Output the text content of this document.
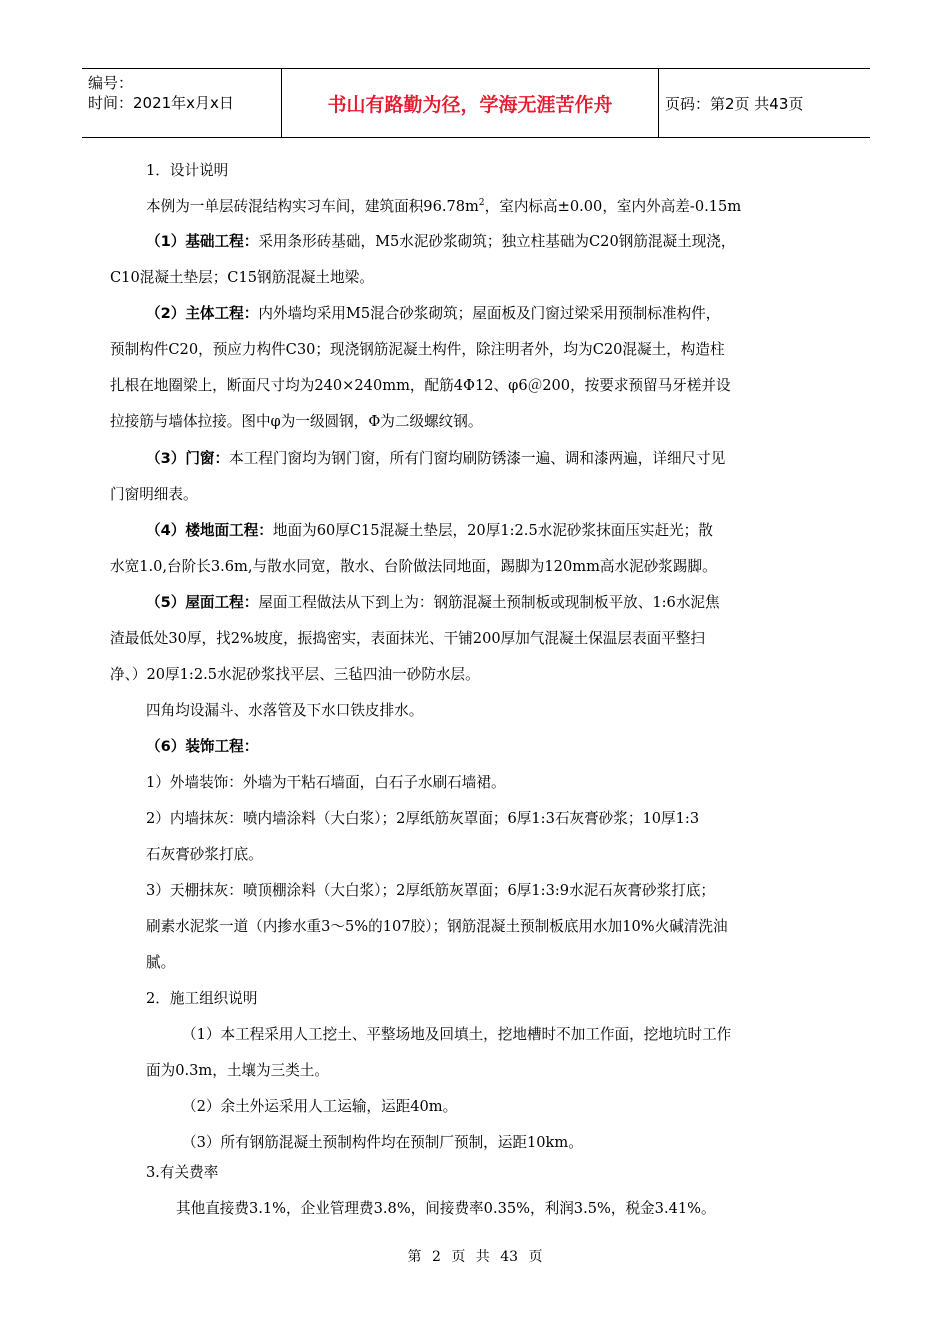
编号：
时间：2021年x月x日	书山有路勤为径，学海无涯苦作舟	页码：第2页 共43页
1．设计说明
本例为一单层砖混结构实习车间，建筑面积$96.78m^2$，室内标高±0.00，室内外高差-0.15m
（1）基础工程：采用条形砖基础，M5水泥砂浆砌筑；独立柱基础为C20钢筋混凝土现浇，
C10混凝土垫层；C15钢筋混凝土地梁。
（2）主体工程：内外墙均采用M5混合砂浆砌筑；屋面板及门窗过梁采用预制标准构件，
预制构件C20，预应力构件C30；现浇钢筋泥凝土构件，除注明者外，均为C20混凝土，构造柱
扎根在地圈梁上，断面尺寸均为240×240mm，配筋4Φ12、φ6＠200，按要求预留马牙槎并设
拉接筋与墙体拉接。图中φ为一级圆钢，Φ为二级螺纹钢。
（3）门窗：本工程门窗均为钢门窗，所有门窗均刷防锈漆一遍、调和漆两遍，详细尺寸见
门窗明细表。
（4）楼地面工程：地面为60厚C15混凝土垫层，20厚1:2.5水泥砂浆抹面压实赶光；散
水宽1.0,台阶长3.6m,与散水同宽，散水、台阶做法同地面，踢脚为120mm高水泥砂浆踢脚。
（5）屋面工程：屋面工程做法从下到上为：钢筋混凝土预制板或现制板平放、1:6水泥焦
渣最低处30厚，找2%坡度，振捣密实，表面抹光、干铺200厚加气混凝土保温层表面平整扫
净、）20厚1:2.5水泥砂浆找平层、三毡四油一砂防水层。
四角均设漏斗、水落管及下水口铁皮排水。
（6）装饰工程：
1）外墙装饰：外墙为干粘石墙面，白石子水刷石墙裙。
2）内墙抹灰：喷内墙涂料（大白浆）；2厚纸筋灰罩面；6厚1:3石灰膏砂浆；10厚1:3
石灰膏砂浆打底。
3）天棚抹灰：喷顶棚涂料（大白浆）；2厚纸筋灰罩面；6厚1:3:9水泥石灰膏砂浆打底；
刷素水泥浆一道（内掺水重3～5%的107胶）；钢筋混凝土预制板底用水加10%火碱清洗油
腻。
2．施工组织说明
（1）本工程采用人工挖土、平整场地及回填土，挖地槽时不加工作面，挖地坑时工作
面为0.3m，土壤为三类土。
（2）余土外运采用人工运输，运距40m。
（3）所有钢筋混凝土预制构件均在预制厂预制，运距10km。
3.有关费率
其他直接费3.1%，企业管理费3.8%，间接费率0.35%，利润3.5%，税金3.41%。
第 2 页 共 43 页
